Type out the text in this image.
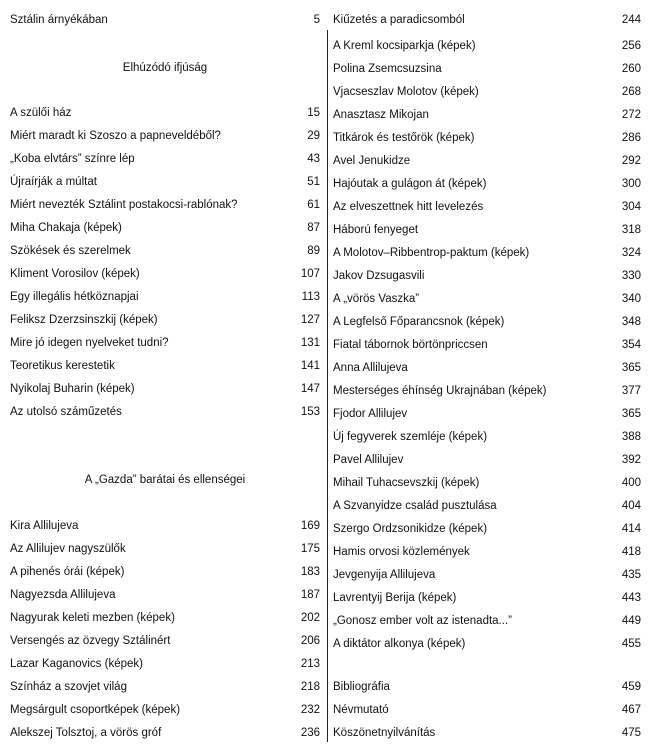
Sztálin árnyékában	5
Elhúzódó ifjúság
A szülői ház	15
Miért maradt ki Szoszo a papneveldéből?	29
„Koba elvtárs” színre lép	43
Újraírják a múltat	51
Miért nevezték Sztálint postakocsi-rablónak?	61
Miha Chakaja (képek)	87
Szökések és szerelmek	89
Kliment Vorosilov (képek)	107
Egy illegális hétköznapjai	113
Feliksz Dzerzsinszkij (képek)	127
Mire jó idegen nyelveket tudni?	131
Teoretikus kerestetik	141
Nyikolaj Buharin (képek)	147
Az utolsó száműzetés	153
A „Gazda” barátai és ellenségei
Kira Allilujeva	169
Az Allilujev nagyszülők	175
A pihenés órái (képek)	183
Nagyezsda Allilujeva	187
Nagyurak keleti mezben (képek)	202
Versengés az özvegy Sztálinért	206
Lazar Kaganovics (képek)	213
Színház a szovjet világ	218
Megsárgult csoportképek (képek)	232
Alekszej Tolsztoj, a vörös gróf	236
Kiűzetés a paradicsomból	244
A Kreml kocsiparkja (képek)	256
Polina Zsemcsuzsina	260
Vjacseszlav Molotov (képek)	268
Anasztasz Mikojan	272
Titkárok és testőrök (képek)	286
Avel Jenukidze	292
Hajóutak a gulágon át (képek)	300
Az elveszettnek hitt levelezés	304
Háború fenyeget	318
A Molotov–Ribbentrop-paktum (képek)	324
Jakov Dzsugasvili	330
A „vörös Vaszka”	340
A Legfelső Főparancsnok (képek)	348
Fiatal tábornok börtönpriccsen	354
Anna Allilujeva	365
Mesterséges éhínség Ukrajnában (képek)	377
Fjodor Allilujev	365
Új fegyverek szemléje (képek)	388
Pavel Allilujev	392
Mihail Tuhacsevszkij (képek)	400
A Szvanyidze család pusztulása	404
Szergo Ordzsonikidze (képek)	414
Hamis orvosi közlemények	418
Jevgenyija Allilujeva	435
Lavrentyij Berija (képek)	443
„Gonosz ember volt az istenadta...”	449
A diktátor alkonya (képek)	455
Bibliográfia	459
Névmutató	467
Köszönetnyilvánítás	475
